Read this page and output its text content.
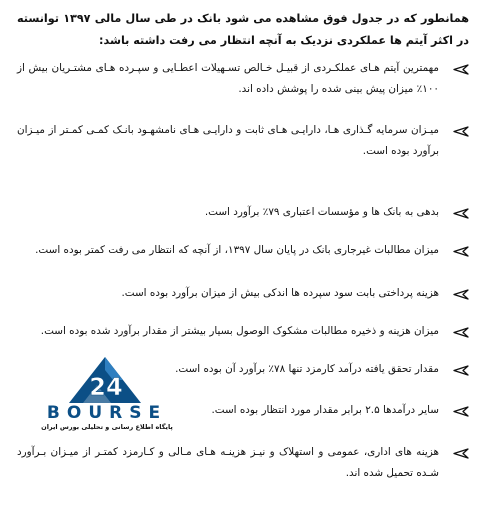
همانطور که در جدول فوق مشاهده می شود بانک در طی سال مالی ۱۳۹۷ توانسته در اکثر آیتم ها عملکردی نزدیک به آنچه انتظار می رفت داشته باشد:
مهمترین آیتم هـای عملکـردی از قبیـل خـالص تسـهیلات اعطـایی و سپـرده هـای مشتـریان بیش از ۱۰۰٪ میزان پیش بینی شده را پوشش داده اند.
میـزان سرمایه گـذاری هـا، دارایـی هـای ثابت و دارایـی هـای نامشهـود بانـک کمـی کمـتر از میـزان برآورد بوده است.
بدهی به بانک ها و مؤسسات اعتباری ۷۹٪ برآورد است.
میزان مطالبات غیرجاری بانک در پایان سال ۱۳۹۷، از آنچه که انتظار می رفت کمتر بوده است.
هزینه پرداختی بابت سود سپرده ها اندکی بیش از میزان برآورد بوده است.
میزان هزینه و ذخیره مطالبات مشکوک الوصول بسیار بیشتر از مقدار برآورد شده بوده است.
مقدار تحقق یافته درآمد کارمزد تنها ۷۸٪ برآورد آن بوده است.
سایر درآمدها ۲.۵ برابر مقدار مورد انتظار بوده است.
هزینه های اداری، عمومی و استهلاک و نیـز هزینـه هـای مـالی و کـارمزد کمتـر از میـزان بـرآورد شـده تحمیل شده اند.
24
BOURSE
پایگاه اطلاع رسانی و تحلیلی بورس ایران
